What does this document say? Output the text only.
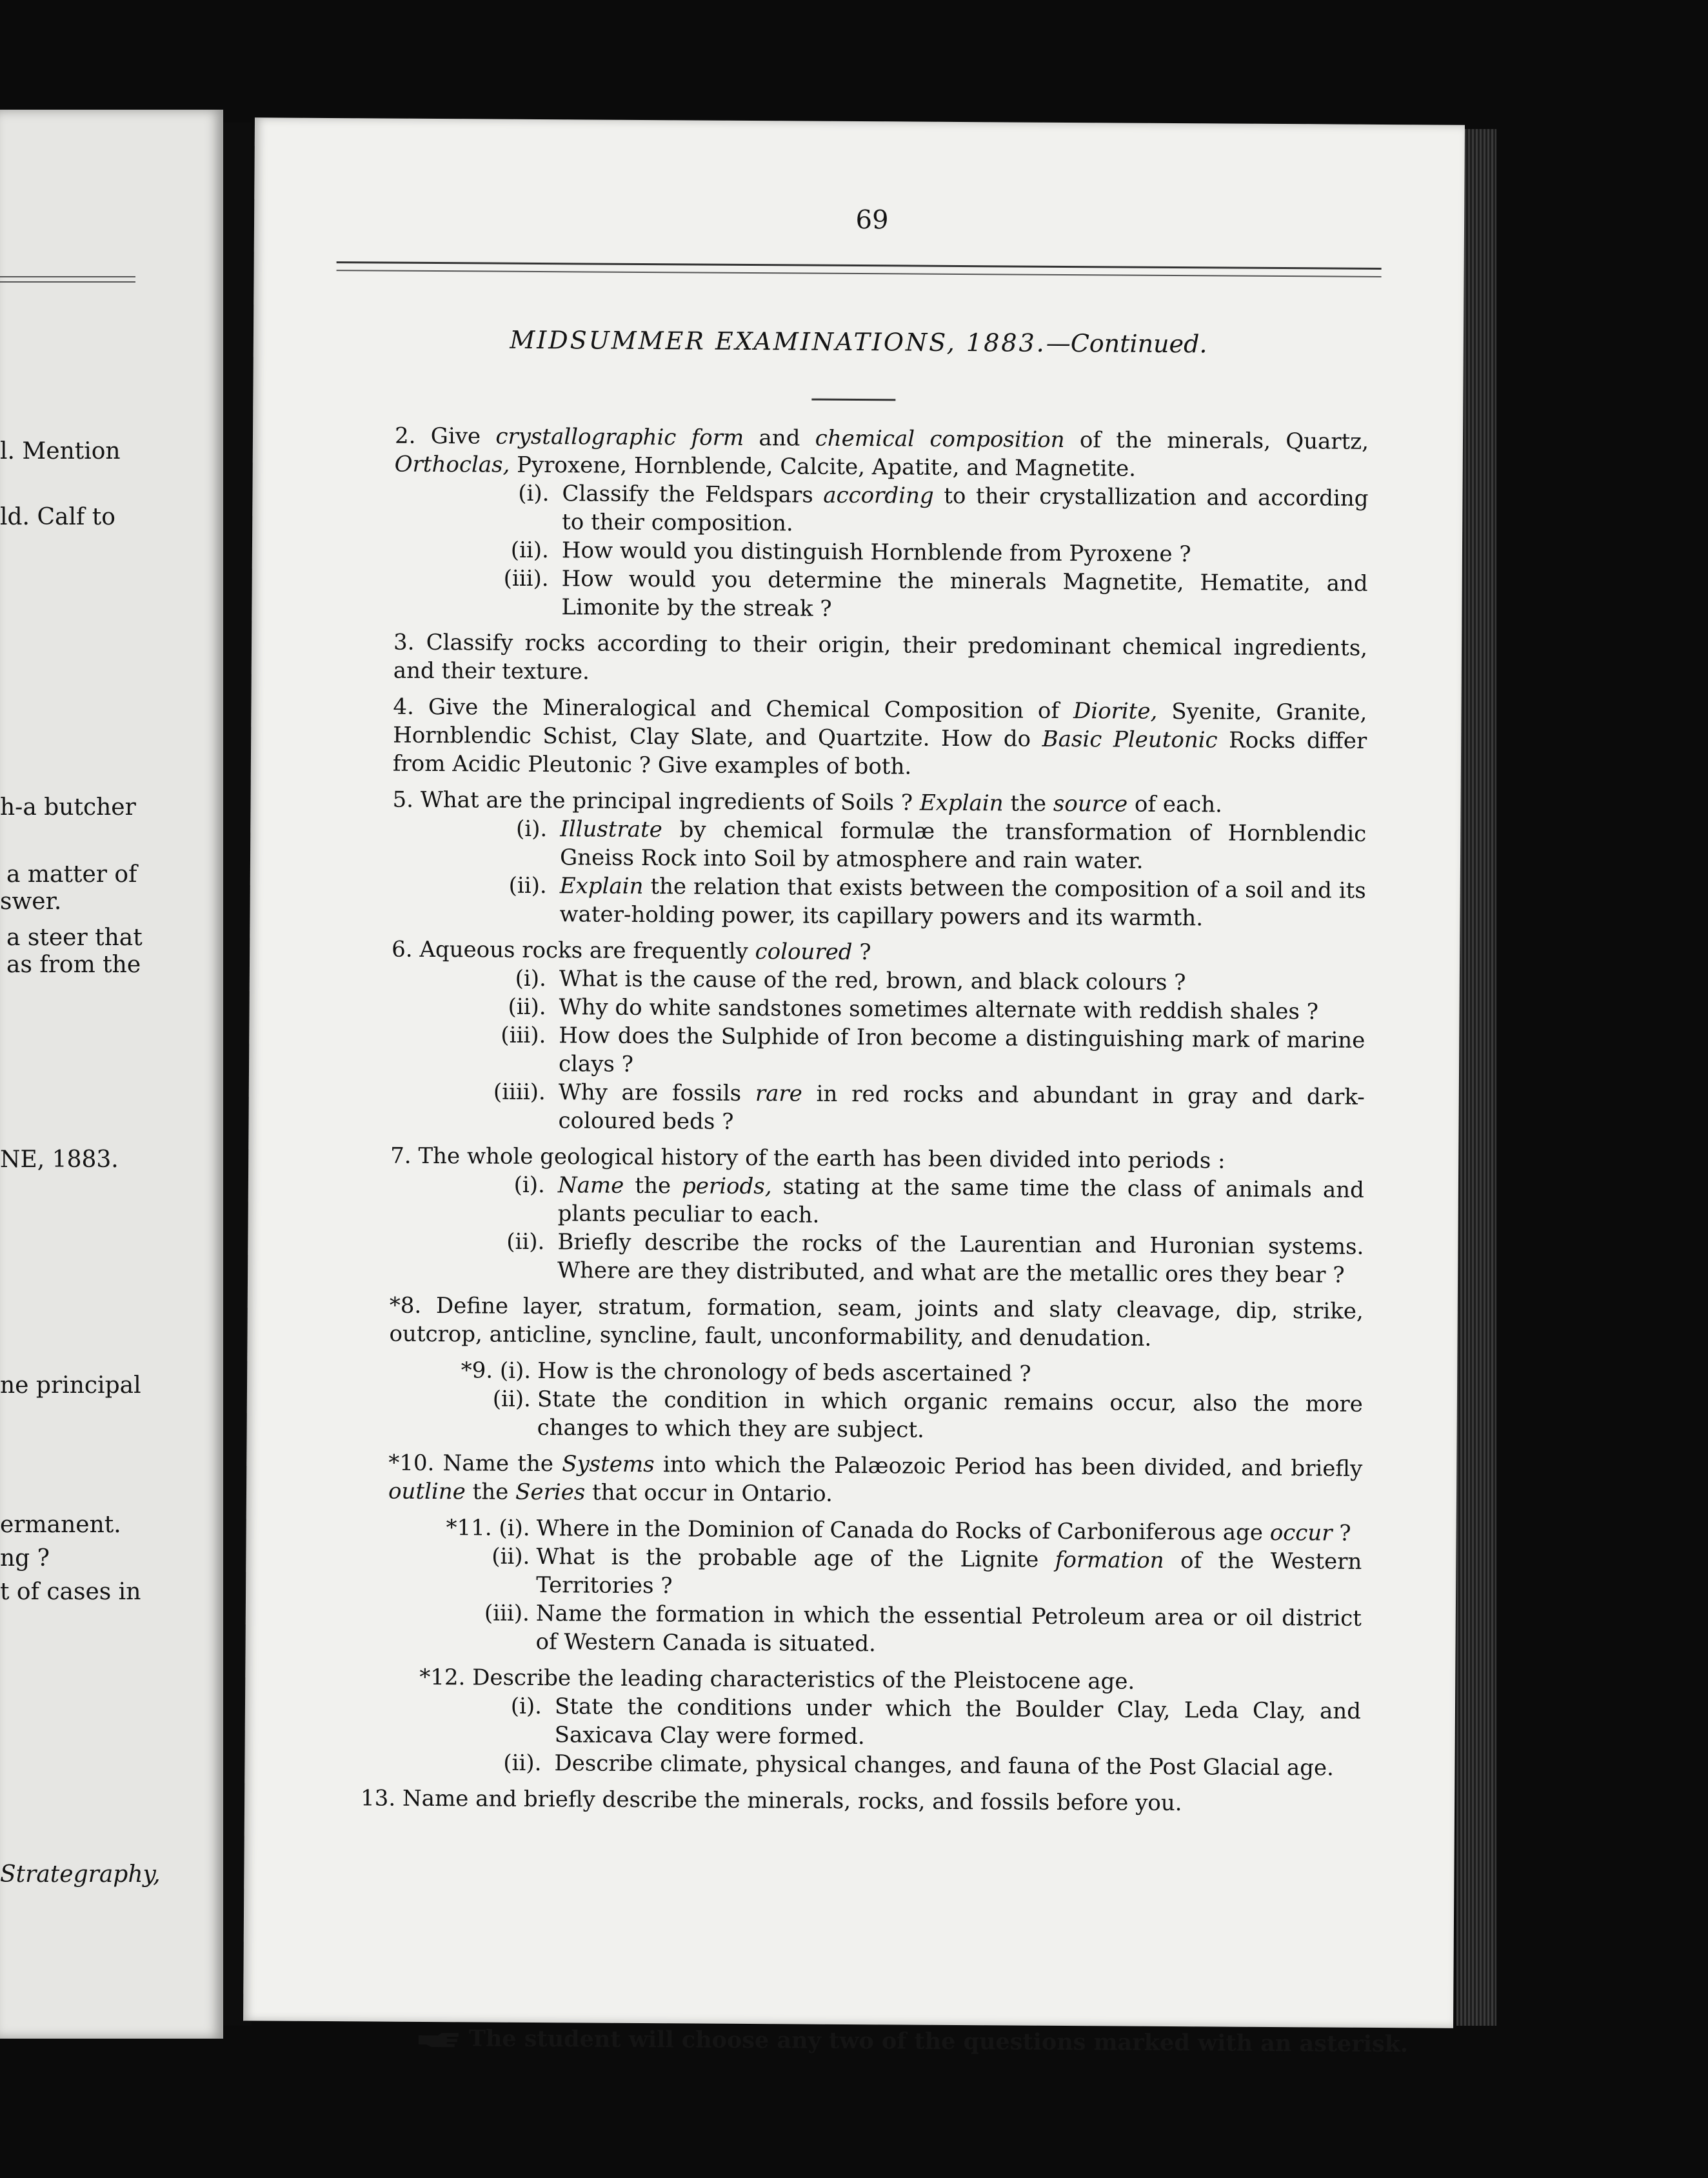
l. Mention
ld. Calf to
h-a butcher
a matter of
swer.
a steer that
as from the
NE, 1883.
ne principal
ermanent.
ng ?
t of cases in
Strategraphy,
69
MIDSUMMER EXAMINATIONS, 1883.—Continued.

2. Give crystallographic form and chemical composition of the minerals, Quartz, Orthoclas, Pyroxene, Hornblende, Calcite, Apatite, and Magnetite.

(i). Classify the Feldspars according to their crystallization and according to their composition.

(ii). How would you distinguish Hornblende from Pyroxene ?

(iii). How would you determine the minerals Magnetite, Hematite, and Limonite by the streak ?

3. Classify rocks according to their origin, their predominant chemical ingredients, and their texture.

4. Give the Mineralogical and Chemical Composition of Diorite, Syenite, Granite, Hornblendic Schist, Clay Slate, and Quartzite. How do Basic Pleutonic Rocks differ from Acidic Pleutonic ? Give examples of both.

5. What are the principal ingredients of Soils ? Explain the source of each.

(i). Illustrate by chemical formulæ the transformation of Hornblendic Gneiss Rock into Soil by atmosphere and rain water.

(ii). Explain the relation that exists between the composition of a soil and its water-holding power, its capillary powers and its warmth.

6. Aqueous rocks are frequently coloured ?

(i). What is the cause of the red, brown, and black colours ?

(ii). Why do white sandstones sometimes alternate with reddish shales ?

(iii). How does the Sulphide of Iron become a distinguishing mark of marine clays ?

(iiii). Why are fossils rare in red rocks and abundant in gray and dark-coloured beds ?

7. The whole geological history of the earth has been divided into periods :

(i). Name the periods, stating at the same time the class of animals and plants peculiar to each.

(ii). Briefly describe the rocks of the Laurentian and Huronian systems. Where are they distributed, and what are the metallic ores they bear ?

*8. Define layer, stratum, formation, seam, joints and slaty cleavage, dip, strike, outcrop, anticline, syncline, fault, unconformability, and denudation.

*9. (i). How is the chronology of beds ascertained ?

(ii). State the condition in which organic remains occur, also the more changes to which they are subject.

*10. Name the Systems into which the Palæozoic Period has been divided, and briefly outline the Series that occur in Ontario.

*11. (i). Where in the Dominion of Canada do Rocks of Carboniferous age occur ?

(ii). What is the probable age of the Lignite formation of the Western Territories ?

(iii). Name the formation in which the essential Petroleum area or oil district of Western Canada is situated.

*12. Describe the leading characteristics of the Pleistocene age.

(i). State the conditions under which the Boulder Clay, Leda Clay, and Saxicava Clay were formed.

(ii). Describe climate, physical changes, and fauna of the Post Glacial age.

13. Name and briefly describe the minerals, rocks, and fossils before you.

The student will choose any two of the questions marked with an asterisk.
